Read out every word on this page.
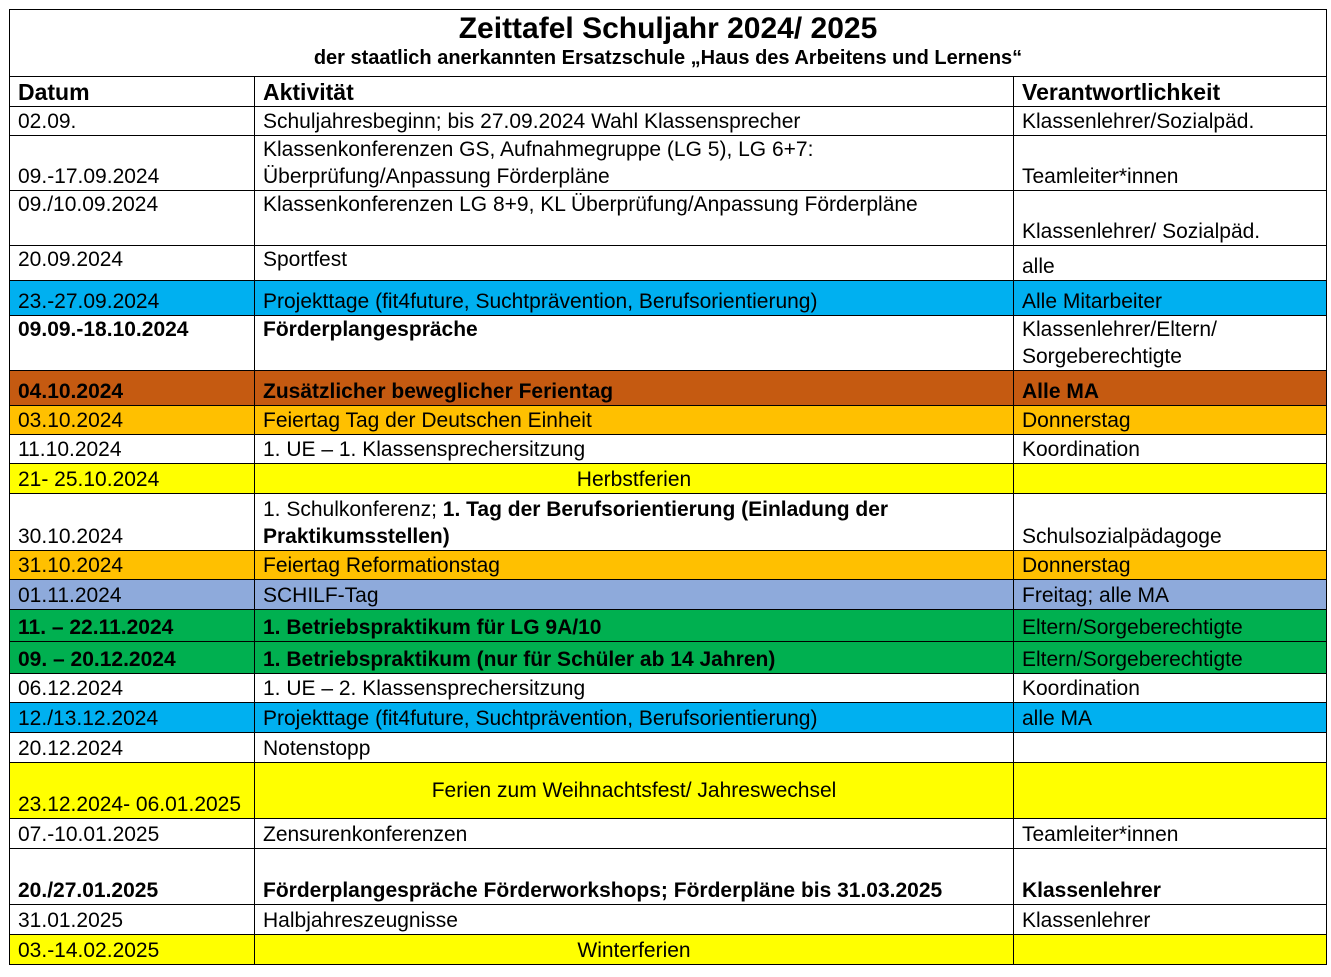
Zeittafel Schuljahr 2024/ 2025
der staatlich anerkannten Ersatzschule „Haus des Arbeitens und Lernens“		

Datum	Aktivität	Verantwortlichkeit
02.09.	Schuljahresbeginn; bis 27.09.2024 Wahl Klassensprecher	Klassenlehrer/Sozialpäd.
09.-17.09.2024	Klassenkonferenzen GS, Aufnahmegruppe (LG 5), LG 6+7: Überprüfung/Anpassung Förderpläne	Teamleiter*innen
09./10.09.2024	Klassenkonferenzen LG 8+9, KL Überprüfung/Anpassung Förderpläne	Klassenlehrer/ Sozialpäd.
20.09.2024	Sportfest	alle
23.-27.09.2024	Projekttage (fit4future, Suchtprävention, Berufsorientierung)	Alle Mitarbeiter
09.09.-18.10.2024	Förderplangespräche	Klassenlehrer/Eltern/ Sorgeberechtigte
04.10.2024	Zusätzlicher beweglicher Ferientag	Alle MA
03.10.2024	Feiertag Tag der Deutschen Einheit	Donnerstag
11.10.2024	1. UE – 1. Klassensprechersitzung	Koordination
21- 25.10.2024	Herbstferien	
30.10.2024	1. Schulkonferenz; 1. Tag der Berufsorientierung (Einladung der Praktikumsstellen)	Schulsozialpädagoge
31.10.2024	Feiertag Reformationstag	Donnerstag
01.11.2024	SCHILF-Tag	Freitag; alle MA
11. – 22.11.2024	1. Betriebspraktikum für LG 9A/10	Eltern/Sorgeberechtigte
09. – 20.12.2024	1. Betriebspraktikum (nur für Schüler ab 14 Jahren)	Eltern/Sorgeberechtigte
06.12.2024	1. UE – 2. Klassensprechersitzung	Koordination
12./13.12.2024	Projekttage (fit4future, Suchtprävention, Berufsorientierung)	alle MA
20.12.2024	Notenstopp	
23.12.2024- 06.01.2025	Ferien zum Weihnachtsfest/ Jahreswechsel	
07.-10.01.2025	Zensurenkonferenzen	Teamleiter*innen
20./27.01.2025	Förderplangespräche Förderworkshops; Förderpläne bis 31.03.2025	Klassenlehrer
31.01.2025	Halbjahreszeugnisse	Klassenlehrer
03.-14.02.2025	Winterferien	
